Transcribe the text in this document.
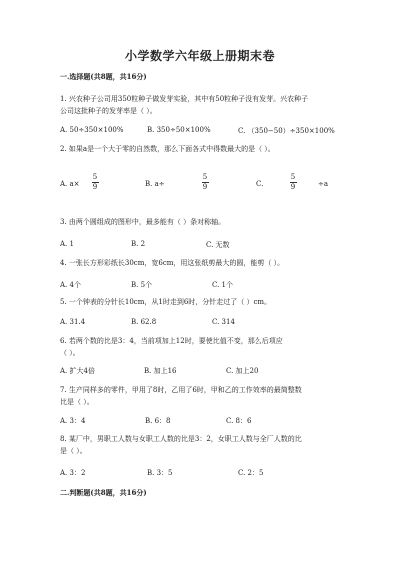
小学数学六年级上册期末卷
一.选择题(共8题，共16分)
1. 兴农种子公司用350粒种子做发芽实验，其中有50粒种子没有发芽。兴农种子
公司这批种子的发芽率是（ ）。
A. 50÷350×100%	B. 350÷50×100%	C. （350−50）÷350×100%
2. 如果a是一个大于零的自然数，那么下面各式中得数最大的是（ ）。
A. a×
5
9	B. a÷
5
9	C.
5
9	÷a
3. 由两个圆组成的图形中，最多能有（ ）条对称轴。
A. 1	B. 2	C. 无数
4. 一张长方形彩纸长30cm，宽6cm，用这张纸剪最大的圆，能剪（ ）。
A. 4个	B. 5个	C. 1个
5. 一个钟表的分针长10cm，从1时走到6时，分针走过了（ ）cm。
A. 31.4	B. 62.8	C. 314
6. 若两个数的比是3：4，当前项加上12时，要使比值不变，那么后项应
（ ）。
A. 扩大4倍	B. 加上16	C. 加上20
7. 生产同样多的零件，甲用了8时，乙用了6时，甲和乙的工作效率的最简整数
比是（ ）。
A. 3：4	B. 6：8	C. 8：6
8. 某厂中，男职工人数与女职工人数的比是3：2，女职工人数与全厂人数的比
是（ ）。
A. 3：2	B. 3：5	C. 2：5
二.判断题(共8题，共16分)
